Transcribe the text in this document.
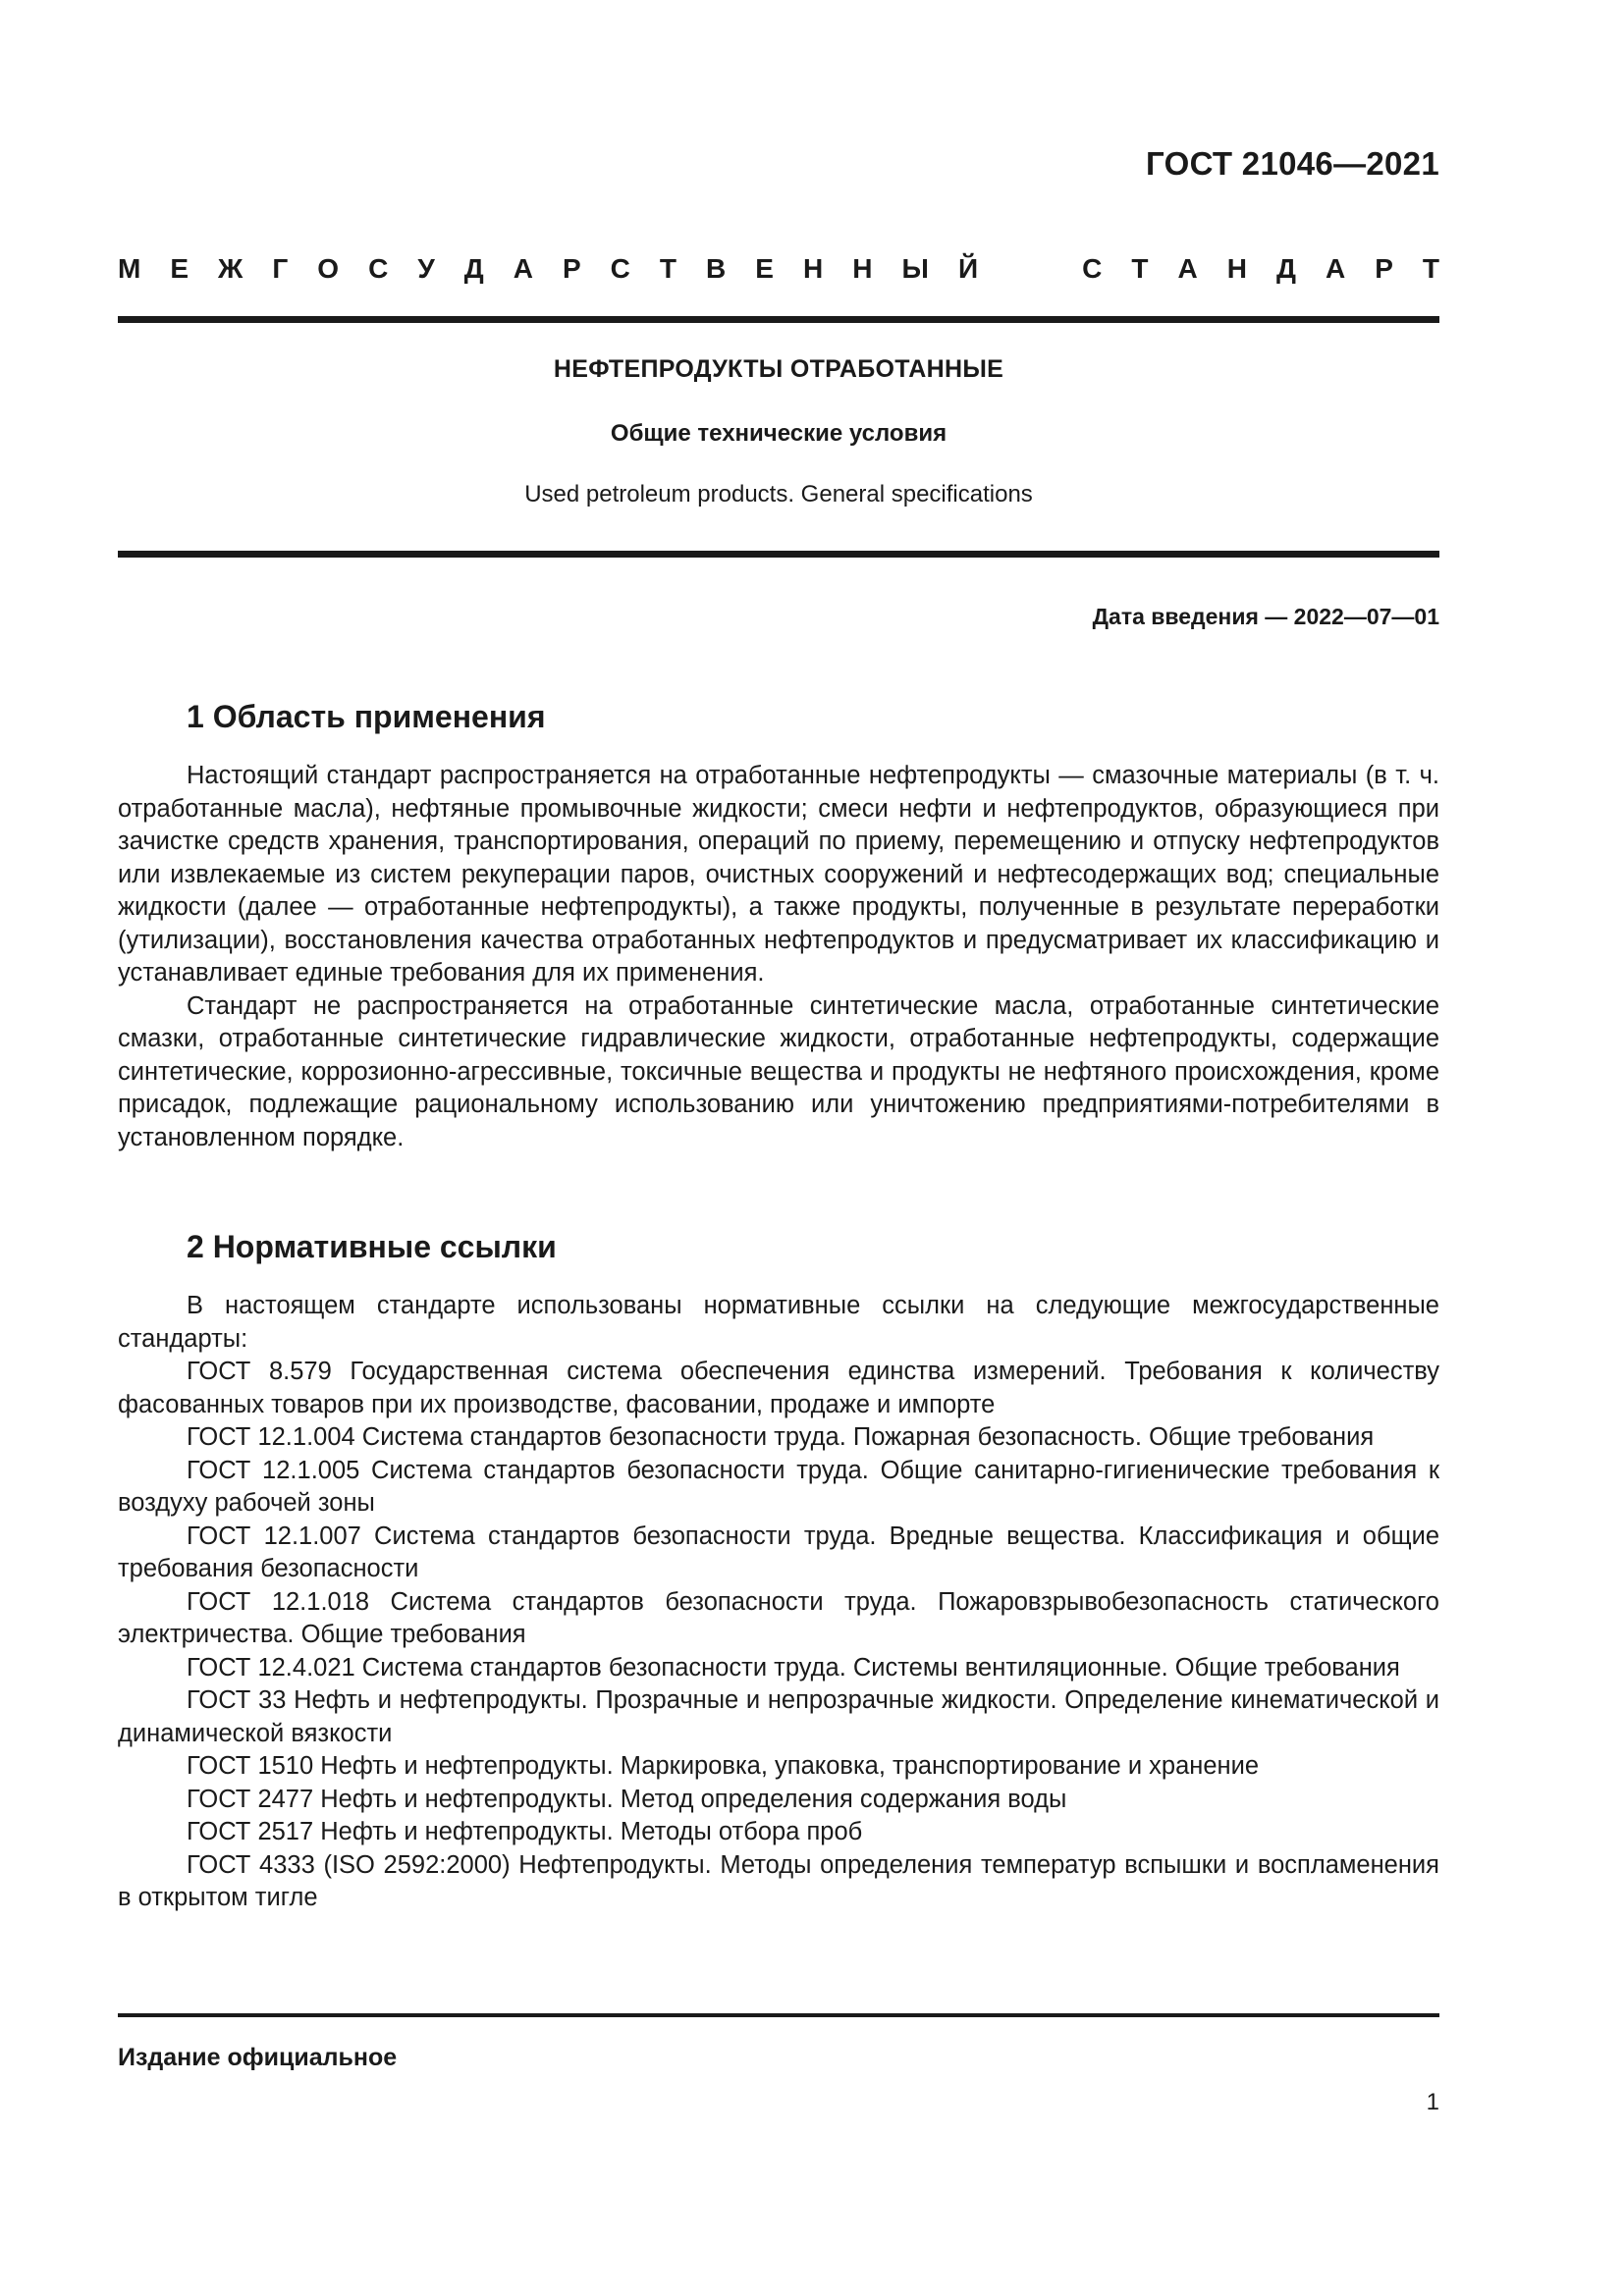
ГОСТ 21046—2021
М Е Ж Г О С У Д А Р С Т В Е Н Н Ы Й	С Т А Н Д А Р Т
НЕФТЕПРОДУКТЫ ОТРАБОТАННЫЕ
Общие технические условия
Used petroleum products. General specifications
Дата введения — 2022—07—01
1 Область применения

Настоящий стандарт распространяется на отработанные нефтепродукты — смазочные материалы (в т. ч. отработанные масла), нефтяные промывочные жидкости; смеси нефти и нефтепродуктов, образующиеся при зачистке средств хранения, транспортирования, операций по приему, перемещению и отпуску нефтепродуктов или извлекаемые из систем рекуперации паров, очистных сооружений и нефтесодержащих вод; специальные жидкости (далее — отработанные нефтепродукты), а также продукты, полученные в результате переработки (утилизации), восстановления качества отработанных нефтепродуктов и предусматривает их классификацию и устанавливает единые требования для их применения.

Стандарт не распространяется на отработанные синтетические масла, отработанные синтетические смазки, отработанные синтетические гидравлические жидкости, отработанные нефтепродукты, содержащие синтетические, коррозионно-агрессивные, токсичные вещества и продукты не нефтяного происхождения, кроме присадок, подлежащие рациональному использованию или уничтожению предприятиями-потребителями в установленном порядке.

2 Нормативные ссылки

В настоящем стандарте использованы нормативные ссылки на следующие межгосударственные стандарты:

ГОСТ 8.579 Государственная система обеспечения единства измерений. Требования к количеству фасованных товаров при их производстве, фасовании, продаже и импорте

ГОСТ 12.1.004 Система стандартов безопасности труда. Пожарная безопасность. Общие требования

ГОСТ 12.1.005 Система стандартов безопасности труда. Общие санитарно-гигиенические требования к воздуху рабочей зоны

ГОСТ 12.1.007 Система стандартов безопасности труда. Вредные вещества. Классификация и общие требования безопасности

ГОСТ 12.1.018 Система стандартов безопасности труда. Пожаровзрывобезопасность статического электричества. Общие требования

ГОСТ 12.4.021 Система стандартов безопасности труда. Системы вентиляционные. Общие требования

ГОСТ 33 Нефть и нефтепродукты. Прозрачные и непрозрачные жидкости. Определение кинематической и динамической вязкости

ГОСТ 1510 Нефть и нефтепродукты. Маркировка, упаковка, транспортирование и хранение

ГОСТ 2477 Нефть и нефтепродукты. Метод определения содержания воды

ГОСТ 2517 Нефть и нефтепродукты. Методы отбора проб

ГОСТ 4333 (ISO 2592:2000) Нефтепродукты. Методы определения температур вспышки и воспламенения в открытом тигле

Издание официальное
1
